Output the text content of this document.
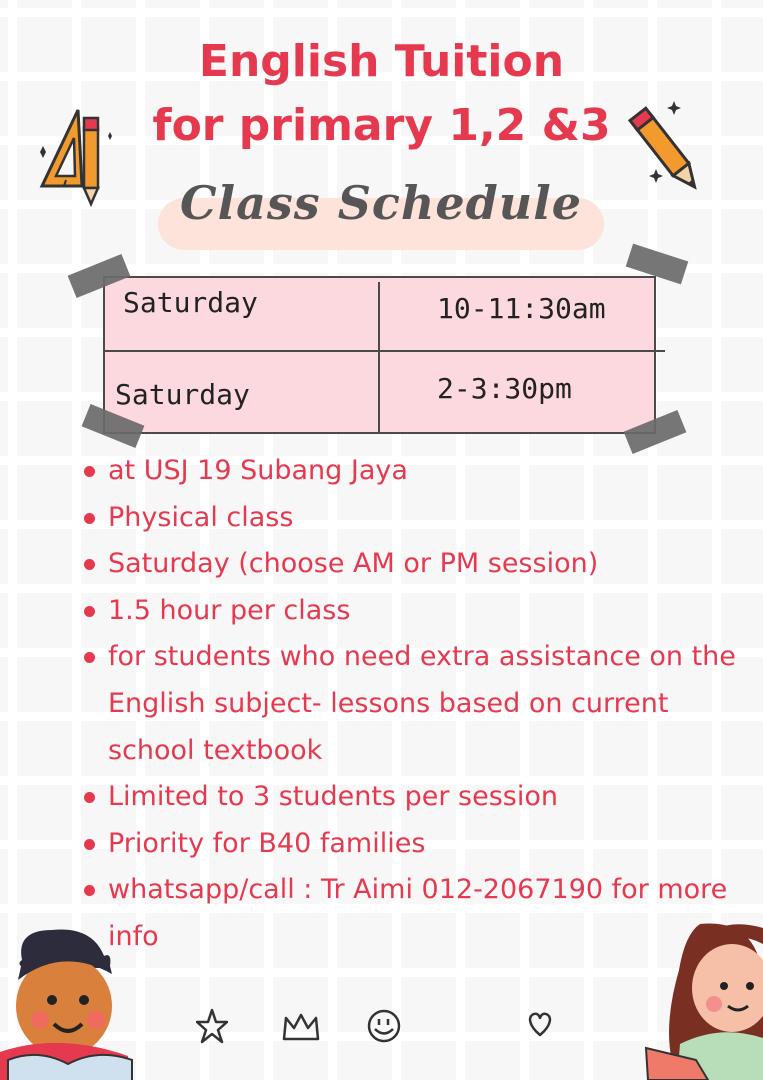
English Tuition
for primary 1,2 &3
Class Schedule
Saturday	10-11:30am
Saturday	2-3:30pm
at USJ 19 Subang Jaya
Physical class
Saturday (choose AM or PM session)
1.5 hour per class
for students who need extra assistance on the English subject- lessons based on current school textbook
Limited to 3 students per session
Priority for B40 families
whatsapp/call : Tr Aimi 012-2067190 for more info
